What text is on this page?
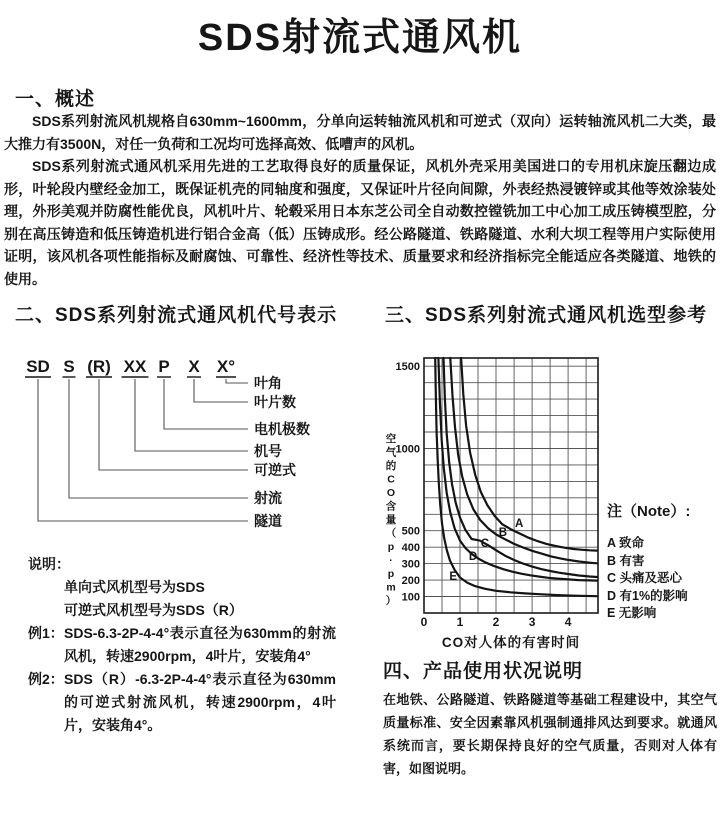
SDS射流式通风机
一、概述
SDS系列射流风机规格自630mm~1600mm，分单向运转轴流风机和可逆式（双向）运转轴流风机二大类，最大推力有3500N，对任一负荷和工况均可选择高效、低嘈声的风机。
SDS系列射流式通风机采用先进的工艺取得良好的质量保证，风机外壳采用美国进口的专用机床旋压翻边成形，叶轮段内壁经金加工，既保证机壳的同轴度和强度，又保证叶片径向间隙，外表经热浸镀锌或其他等效涂装处理，外形美观并防腐性能优良，风机叶片、轮毂采用日本东芝公司全自动数控镗铣加工中心加工成压铸模型腔，分别在高压铸造和低压铸造机进行铝合金高（低）压铸成形。经公路隧道、铁路隧道、水利大坝工程等用户实际使用证明，该风机各项性能指标及耐腐蚀、可靠性、经济性等技术、质量要求和经济指标完全能适应各类隧道、地铁的使用。
二、SDS系列射流式通风机代号表示
SD S (R) XX P X X°
叶角
叶片数
电机极数
机号
可逆式
射流
隧道
说明：
单向式风机型号为SDS
可逆式风机型号为SDS（R）
例1： SDS-6.3-2P-4-4°表示直径为630mm的射流风机，转速2900rpm，4叶片，安装角4°
例2： SDS（R）-6.3-2P-4-4°表示直径为630mm的可逆式射流风机，转速2900rpm，4叶片，安装角4°。
三、SDS系列射流式通风机选型参考
100
200
300
400
500
1000
1500
0 1 2 3 4
A
B
C
D
E
CO对人体的有害时间
空
气
的
C
O
含
量
（
p
·
p
m
）
注（Note）:
A 致命
B 有害
C 头痛及恶心
D 有1%的影响
E 无影响
四、产品使用状况说明
在地铁、公路隧道、铁路隧道等基础工程建设中，其空气质量标准、安全因素靠风机强制通排风达到要求。就通风系统而言，要长期保持良好的空气质量，否则对人体有害，如图说明。
